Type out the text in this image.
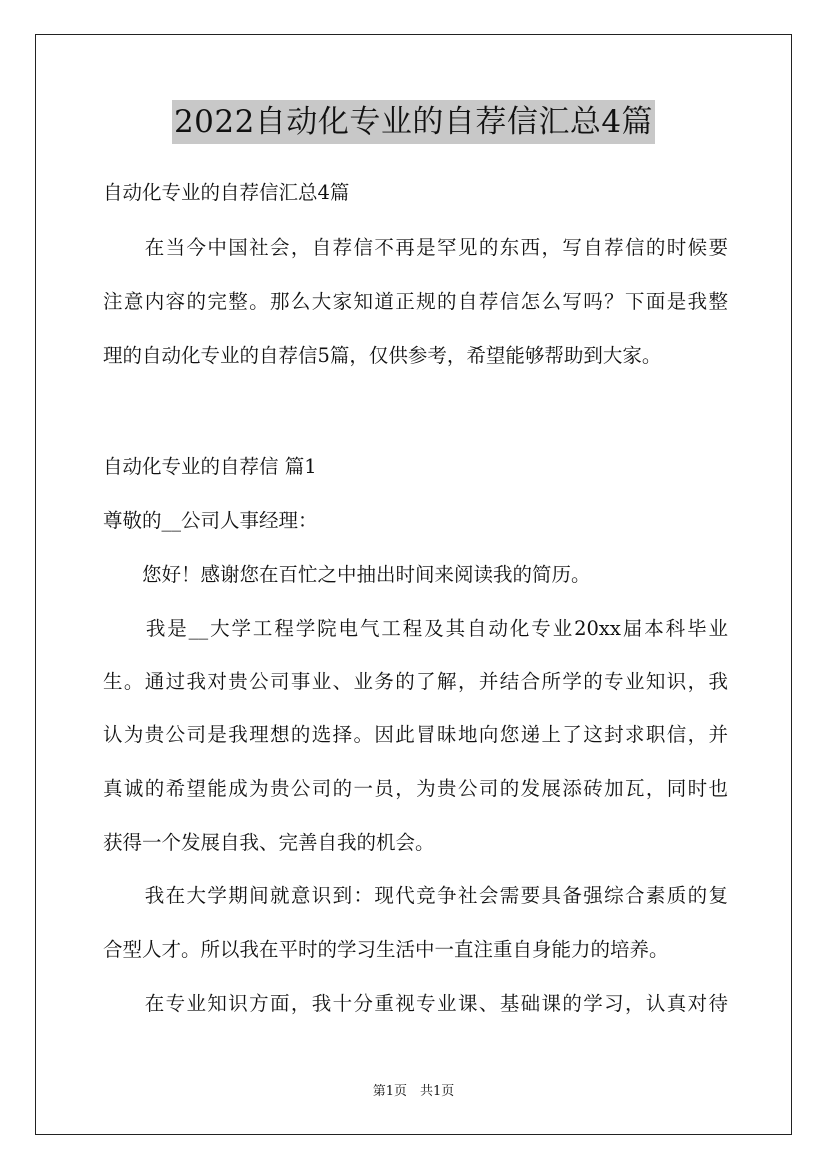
2022自动化专业的自荐信汇总4篇

自动化专业的自荐信汇总4篇

　　在当今中国社会，自荐信不再是罕见的东西，写自荐信的时候要

注意内容的完整。那么大家知道正规的自荐信怎么写吗？下面是我整

理的自动化专业的自荐信5篇，仅供参考，希望能够帮助到大家。

自动化专业的自荐信 篇1

尊敬的__公司人事经理：

　　您好！感谢您在百忙之中抽出时间来阅读我的简历。

　　我是__大学工程学院电气工程及其自动化专业20xx届本科毕业

生。通过我对贵公司事业、业务的了解，并结合所学的专业知识，我

认为贵公司是我理想的选择。因此冒昧地向您递上了这封求职信，并

真诚的希望能成为贵公司的一员，为贵公司的发展添砖加瓦，同时也

获得一个发展自我、完善自我的机会。

　　我在大学期间就意识到：现代竞争社会需要具备强综合素质的复

合型人才。所以我在平时的学习生活中一直注重自身能力的培养。

　　在专业知识方面，我十分重视专业课、基础课的学习，认真对待

第1页　共1页
